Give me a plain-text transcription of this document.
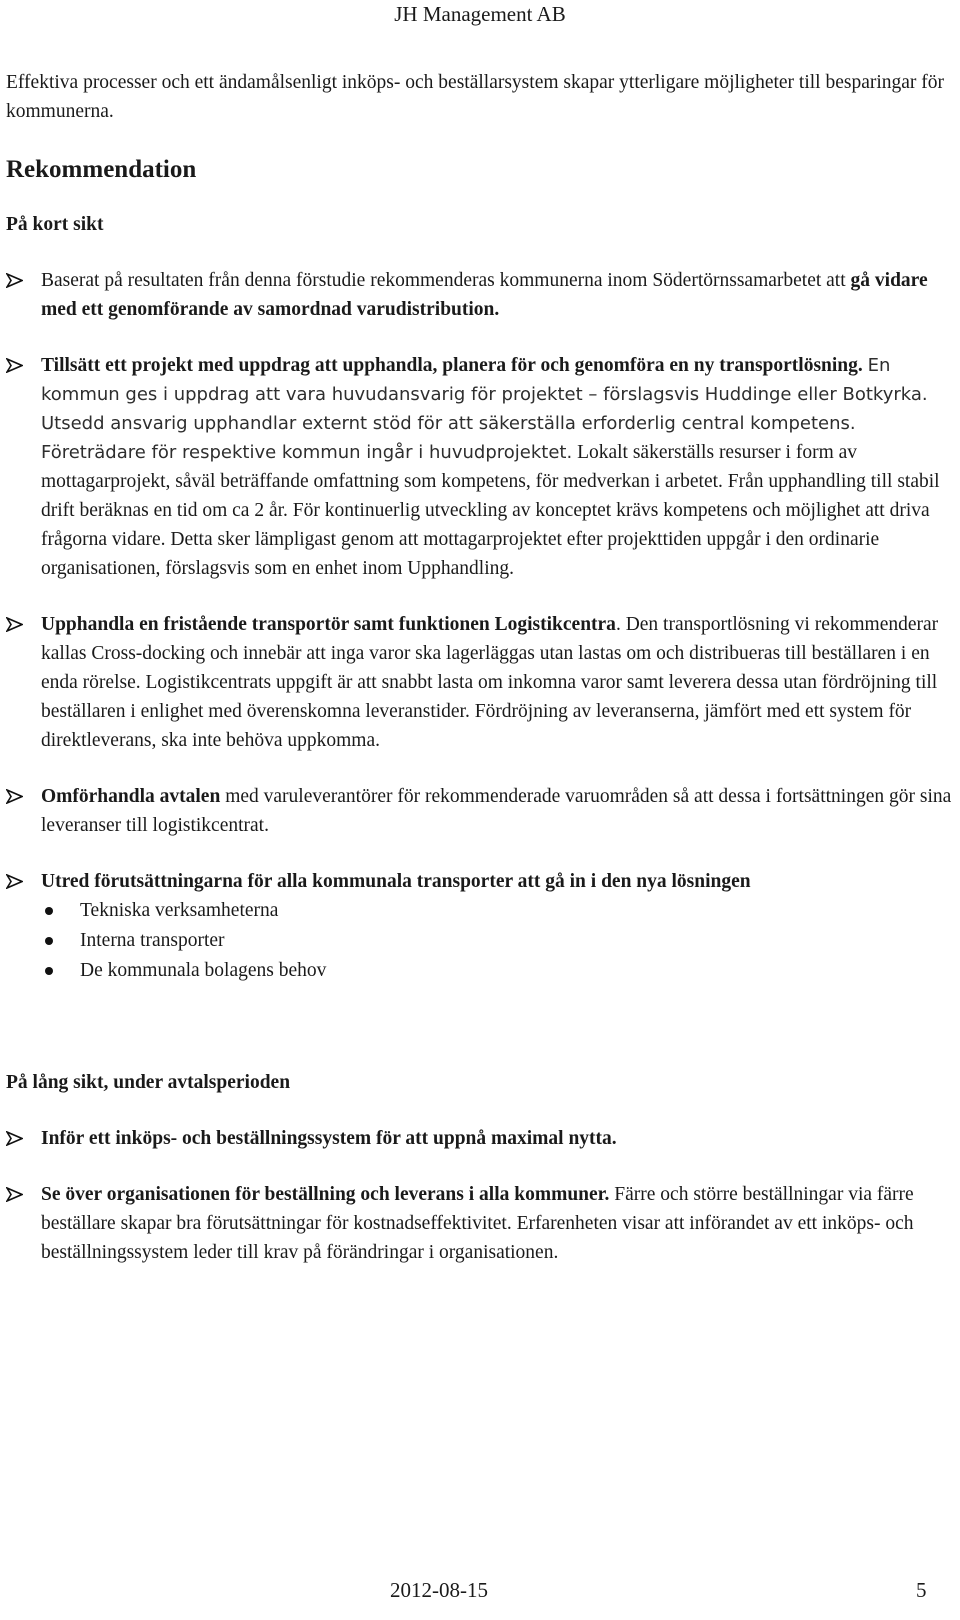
JH Management AB

Effektiva processer och ett ändamålsenligt inköps- och beställarsystem skapar ytterligare möjligheter till besparingar för kommunerna.

Rekommendation
På kort sikt
Baserat på resultaten från denna förstudie rekommenderas kommunerna inom Södertörnssamarbetet att gå vidare med ett genomförande av samordnad varudistribution.
Tillsätt ett projekt med uppdrag att upphandla, planera för och genomföra en ny transportlösning. En kommun ges i uppdrag att vara huvudansvarig för projektet – förslagsvis Huddinge eller Botkyrka. Utsedd ansvarig upphandlar externt stöd för att säkerställa erforderlig central kompetens. Företrädare för respektive kommun ingår i huvudprojektet. Lokalt säkerställs resurser i form av mottagarprojekt, såväl beträffande omfattning som kompetens, för medverkan i arbetet. Från upphandling till stabil drift beräknas en tid om ca 2 år. För kontinuerlig utveckling av konceptet krävs kompetens och möjlighet att driva frågorna vidare. Detta sker lämpligast genom att mottagarprojektet efter projekttiden uppgår i den ordinarie organisationen, förslagsvis som en enhet inom Upphandling.
Upphandla en fristående transportör samt funktionen Logistikcentra. Den transportlösning vi rekommenderar kallas Cross-docking och innebär att inga varor ska lagerläggas utan lastas om och distribueras till beställaren i en enda rörelse. Logistikcentrats uppgift är att snabbt lasta om inkomna varor samt leverera dessa utan fördröjning till beställaren i enlighet med överenskomna leveranstider. Fördröjning av leveranserna, jämfört med ett system för direktleverans, ska inte behöva uppkomma.
Omförhandla avtalen med varuleverantörer för rekommenderade varuområden så att dessa i fortsättningen gör sina leveranser till logistikcentrat.
Utred förutsättningarna för alla kommunala transporter att gå in i den nya lösningen
Tekniska verksamheterna
Interna transporter
De kommunala bolagens behov
På lång sikt, under avtalsperioden
Inför ett inköps- och beställningssystem för att uppnå maximal nytta.
Se över organisationen för beställning och leverans i alla kommuner. Färre och större beställningar via färre beställare skapar bra förutsättningar för kostnadseffektivitet. Erfarenheten visar att införandet av ett inköps- och beställningssystem leder till krav på förändringar i organisationen.
2012-08-15	5
